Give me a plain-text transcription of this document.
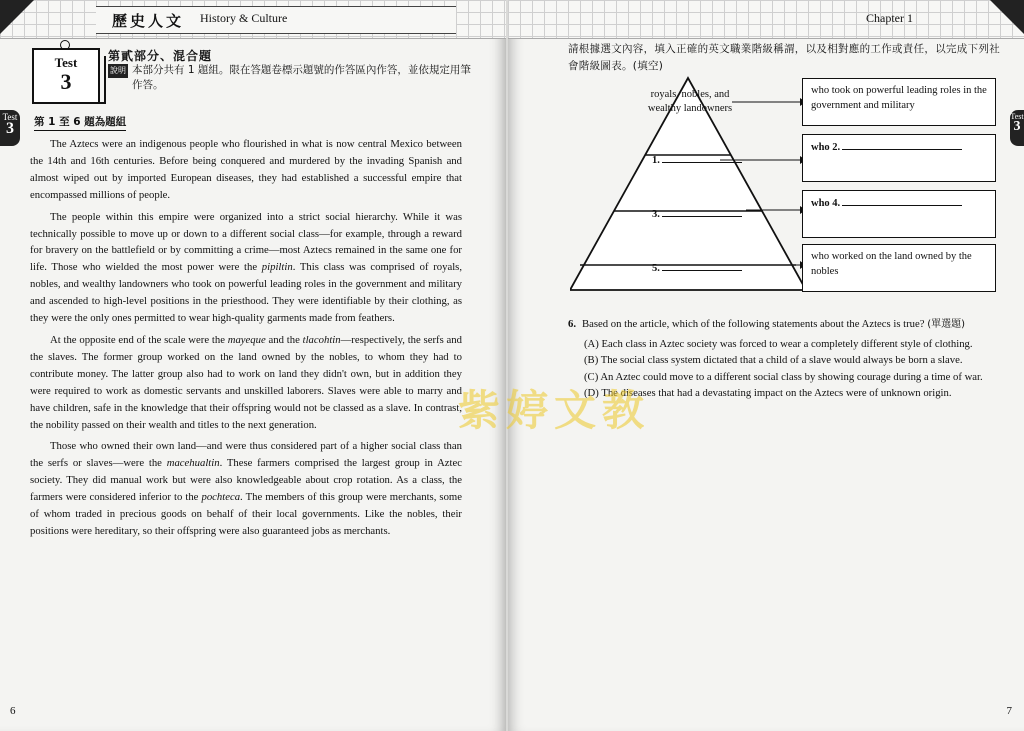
歷史人文 History & Culture
Test
3
第貳部分、混合題
說明 本部分共有 1 題組。限在答題卷標示題號的作答區內作答，並依規定用筆作答。
Test
3	第 1 至 6 題為題組

The Aztecs were an indigenous people who flourished in what is now central Mexico between the 14th and 16th centuries. Before being conquered and murdered by the invading Spanish and almost wiped out by imported European diseases, they had established a successful empire that encompassed millions of people.

The people within this empire were organized into a strict social hierarchy. While it was technically possible to move up or down to a different social class—for example, through a reward for bravery on the battlefield or by committing a crime—most Aztecs remained in the same one for life. Those who wielded the most power were the pipiltin. This class was comprised of royals, nobles, and wealthy landowners who took on powerful leading roles in the government and military and ascended to high-level positions in the priesthood. They were identifiable by their clothing, as they were the only ones permitted to wear high-quality garments made from feathers.

At the opposite end of the scale were the mayeque and the tlacohtin—respectively, the serfs and the slaves. The former group worked on the land owned by the nobles, to whom they had to contribute money. The latter group also had to work on land they didn't own, but in addition they were required to work as domestic servants and unskilled laborers. Slaves were able to marry and have children, safe in the knowledge that their offspring would not be classed as a slave. In contrast, the nobility passed on their wealth and titles to the next generation.

Those who owned their own land—and were thus considered part of a higher social class than the serfs or slaves—were the macehualtin. These farmers comprised the largest group in Aztec society. They did manual work but were also knowledgeable about crop rotation. As a class, the farmers were considered inferior to the pochteca. The members of this group were merchants, some of whom traded in precious goods on behalf of their local governments. Like the nobles, their positions were hereditary, so their offspring were also guaranteed jobs as merchants.

6
Test
3
7
Chapter 1
請根據選文內容，填入正確的英文職業階級稱謂，以及相對應的工作或責任，以完成下列社會階級圖表。(填空)
royals, nobles, and wealthy landowners
1.
3.
5.
who took on powerful leading roles in the government and military
who 2.
who 4.
who worked on the land owned by the nobles

6. Based on the article, which of the following statements about the Aztecs is true? (單選題)

(A) Each class in Aztec society was forced to wear a completely different style of clothing.

(B) The social class system dictated that a child of a slave would always be born a slave.

(C) An Aztec could move to a different social class by showing courage during a time of war.

(D) The diseases that had a devastating impact on the Aztecs were of unknown origin.

紫婷文教
